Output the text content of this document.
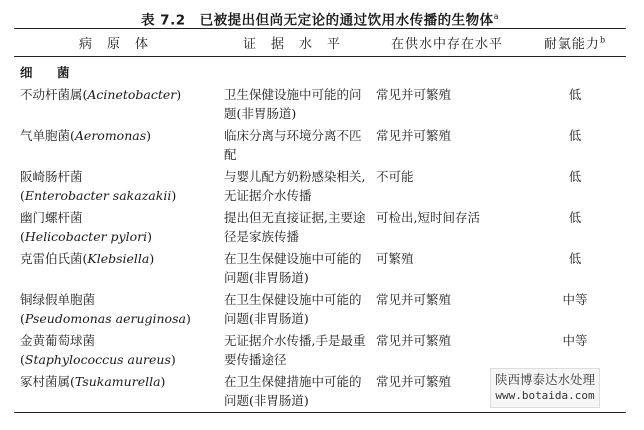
表 7.2　已被提出但尚无定论的通过饮用水传播的生物体$^a$
病　原　体	证　据　水　平	在供水中存在水平	耐氯能力$^b$
细　菌			
不动杆菌属(Acinetobacter)	卫生保健设施中可能的问题(非胃肠道)	常见并可繁殖	低
气单胞菌(Aeromonas)	临床分离与环境分离不匹配	常见并可繁殖	低
阪崎肠杆菌
(Enterobacter sakazakii)	与婴儿配方奶粉感染相关,无证据介水传播	不可能	低
幽门螺杆菌
(Helicobacter pylori)	提出但无直接证据,主要途径是家族传播	可检出,短时间存活	低
克雷伯氏菌(Klebsiella)	在卫生保健设施中可能的问题(非胃肠道)	可繁殖	低
铜绿假单胞菌
(Pseudomonas aeruginosa)	在卫生保健设施中可能的问题(非胃肠道)	常见并可繁殖	中等
金黄葡萄球菌
(Staphylococcus aureus)	无证据介水传播,手是最重要传播途径	常见并可繁殖	中等
冢村菌属(Tsukamurella)	在卫生保健措施中可能的问题(非胃肠道)	常见并可繁殖		陕西博泰达水处理
www.botaida.com
